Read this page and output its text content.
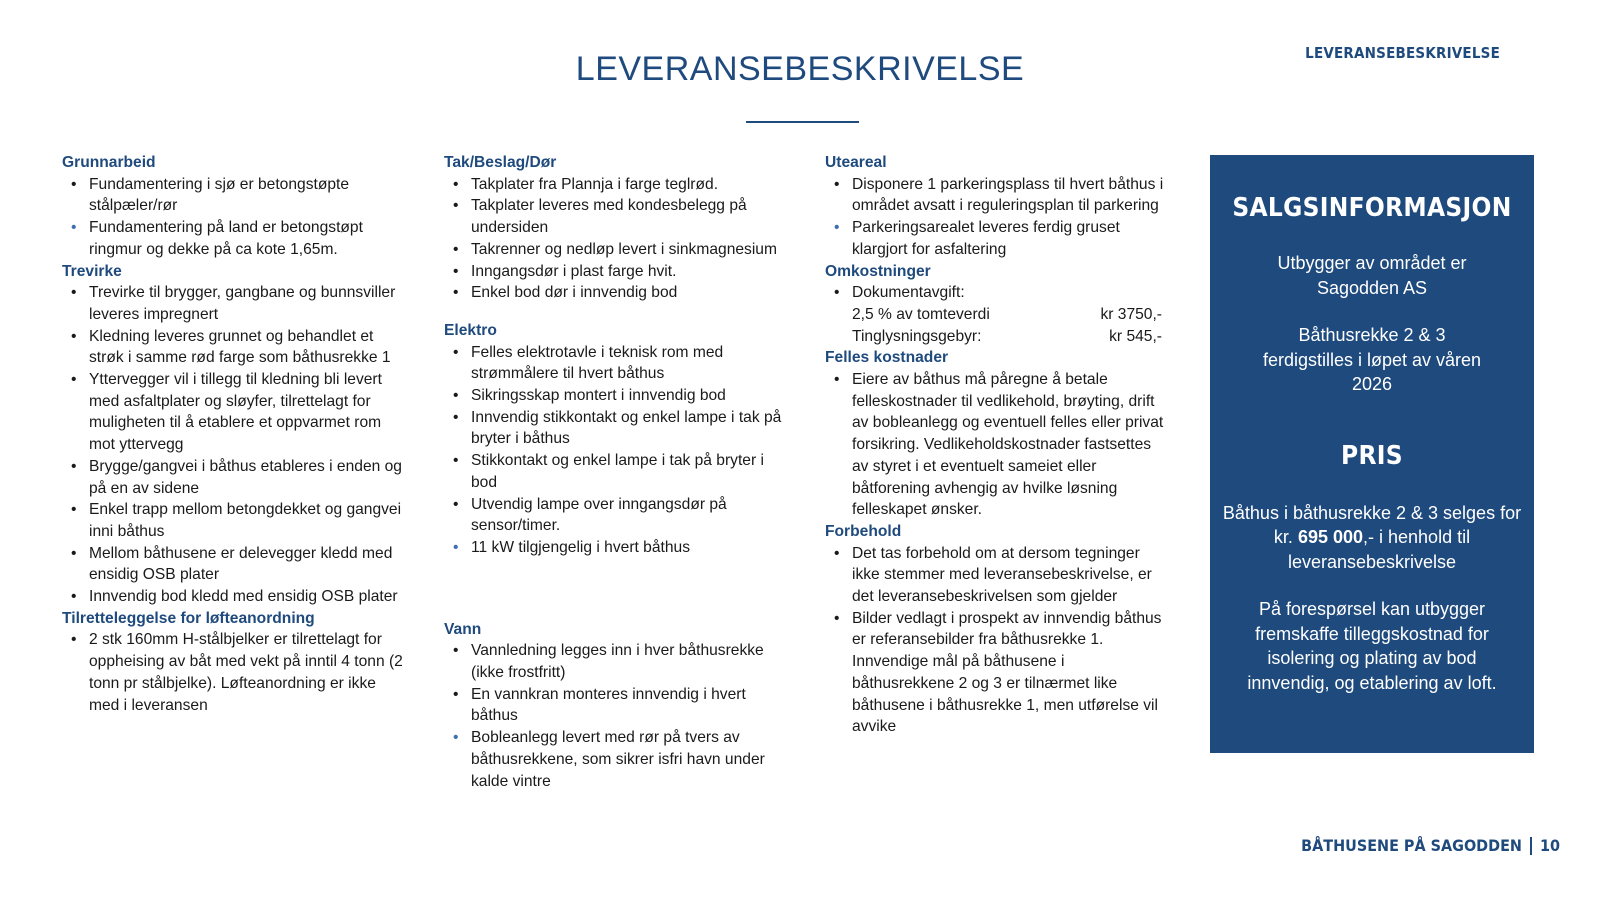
LEVERANSEBESKRIVELSE
LEVERANSEBESKRIVELSE
Grunnarbeid
• Fundamentering i sjø er betongstøpte stålpæler/rør
• Fundamentering på land er betongstøpt ringmur og dekke på ca kote 1,65m.
Trevirke
• Trevirke til brygger, gangbane og bunnsviller leveres impregnert
• Kledning leveres grunnet og behandlet et strøk i samme rød farge som båthusrekke 1
• Yttervegger vil i tillegg til kledning bli levert med asfaltplater og sløyfer, tilrettelagt for muligheten til å etablere et oppvarmet rom mot yttervegg
• Brygge/gangvei i båthus etableres i enden og på en av sidene
• Enkel trapp mellom betongdekket og gangvei inni båthus
• Mellom båthusene er delevegger kledd med ensidig OSB plater
• Innvendig bod kledd med ensidig OSB plater
Tilretteleggelse for løfteanordning
• 2 stk 160mm H-stålbjelker er tilrettelagt for oppheising av båt med vekt på inntil 4 tonn (2 tonn pr stålbjelke). Løfteanordning er ikke med i leveransen
Tak/Beslag/Dør
• Takplater fra Plannja i farge teglrød.
• Takplater leveres med kondesbelegg på undersiden
• Takrenner og nedløp levert i sinkmagnesium
• Inngangsdør i plast farge hvit.
• Enkel bod dør i innvendig bod
Elektro
• Felles elektrotavle i teknisk rom med strømmålere til hvert båthus
• Sikringsskap montert i innvendig bod
• Innvendig stikkontakt og enkel lampe i tak på bryter i båthus
• Stikkontakt og enkel lampe i tak på bryter i bod
• Utvendig lampe over inngangsdør på sensor/timer.
• 11 kW tilgjengelig i hvert båthus
Vann
• Vannledning legges inn i hver båthusrekke (ikke frostfritt)
• En vannkran monteres innvendig i hvert båthus
• Bobleanlegg levert med rør på tvers av båthusrekkene, som sikrer isfri havn under kalde vintre
Uteareal
• Disponere 1 parkeringsplass til hvert båthus i området avsatt i reguleringsplan til parkering
• Parkeringsarealet leveres ferdig gruset klargjort for asfaltering
Omkostninger
• Dokumentavgift:
2,5 % av tomteverdi	kr 3750,-
Tinglysningsgebyr:	kr 545,-
Felles kostnader
• Eiere av båthus må påregne å betale felleskostnader til vedlikehold, brøyting, drift av bobleanlegg og eventuell felles eller privat forsikring. Vedlikeholdskostnader fastsettes av styret i et eventuelt sameiet eller båtforening avhengig av hvilke løsning felleskapet ønsker.
Forbehold
• Det tas forbehold om at dersom tegninger ikke stemmer med leveransebeskrivelse, er det leveransebeskrivelsen som gjelder
• Bilder vedlagt i prospekt av innvendig båthus er referansebilder fra båthusrekke 1. Innvendige mål på båthusene i båthusrekkene 2 og 3 er tilnærmet like båthusene i båthusrekke 1, men utførelse vil avvike
SALGSINFORMASJON
Utbygger av området er Sagodden AS
Båthusrekke 2 & 3 ferdigstilles i løpet av våren 2026
PRIS
Båthus i båthusrekke 2 & 3 selges for kr. 695 000,- i henhold til leveransebeskrivelse
På forespørsel kan utbygger fremskaffe tilleggskostnad for isolering og plating av bod innvendig, og etablering av loft.
BÅTHUSENE PÅ SAGODDEN 10
